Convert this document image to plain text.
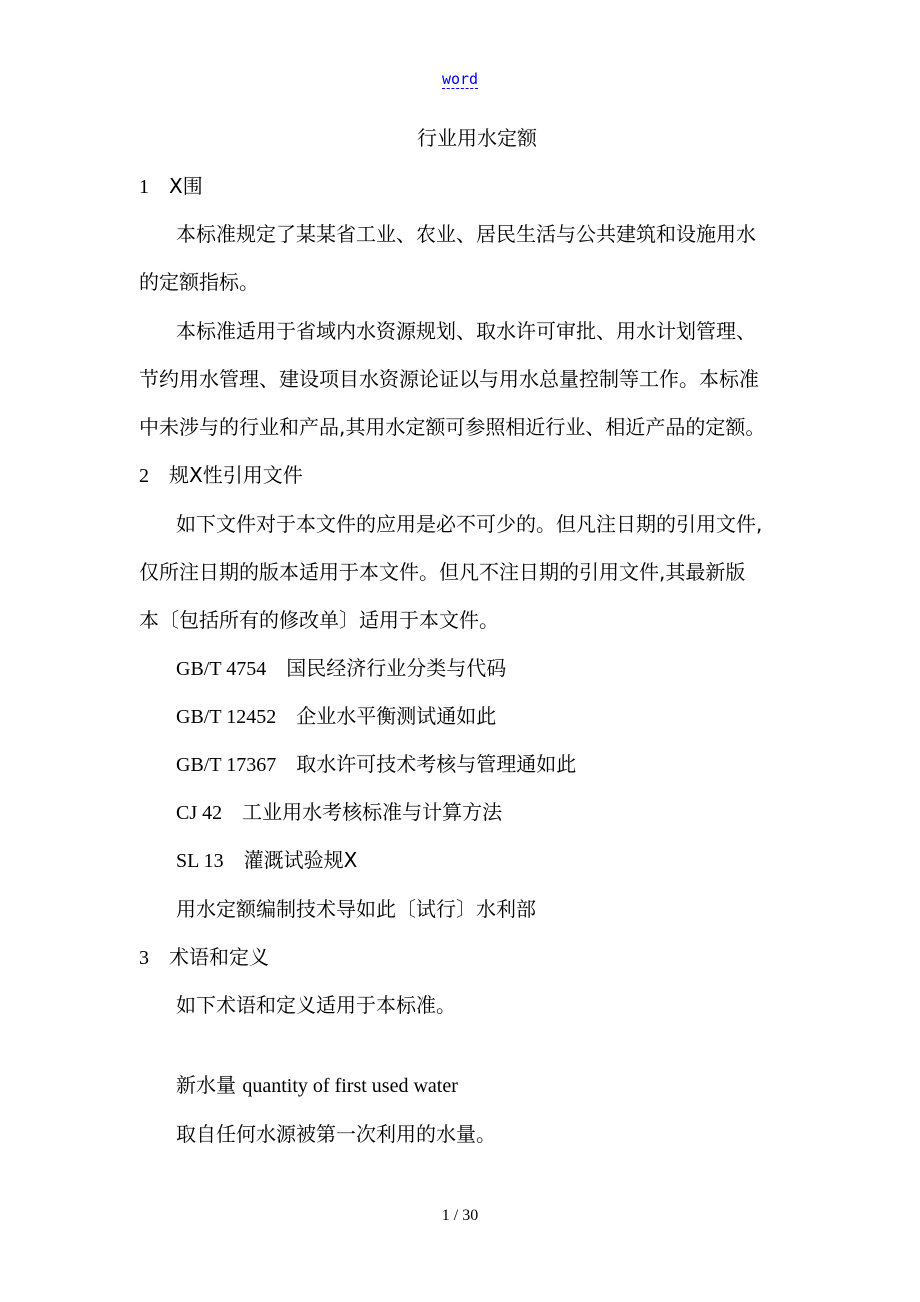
word
行业用水定额
1 X围
本标准规定了某某省工业、农业、居民生活与公共建筑和设施用水
的定额指标。
本标准适用于省域内水资源规划、取水许可审批、用水计划管理、
节约用水管理、建设项目水资源论证以与用水总量控制等工作。本标准
中未涉与的行业和产品,其用水定额可参照相近行业、相近产品的定额。
2 规X性引用文件
如下文件对于本文件的应用是必不可少的。但凡注日期的引用文件,
仅所注日期的版本适用于本文件。但凡不注日期的引用文件,其最新版
本〔包括所有的修改单〕适用于本文件。
GB/T 4754 国民经济行业分类与代码
GB/T 12452 企业水平衡测试通如此
GB/T 17367 取水许可技术考核与管理通如此
CJ 42 工业用水考核标准与计算方法
SL 13 灌溉试验规X
用水定额编制技术导如此〔试行〕水利部
3 术语和定义
如下术语和定义适用于本标准。
新水量 quantity of first used water
取自任何水源被第一次利用的水量。
1 / 30
